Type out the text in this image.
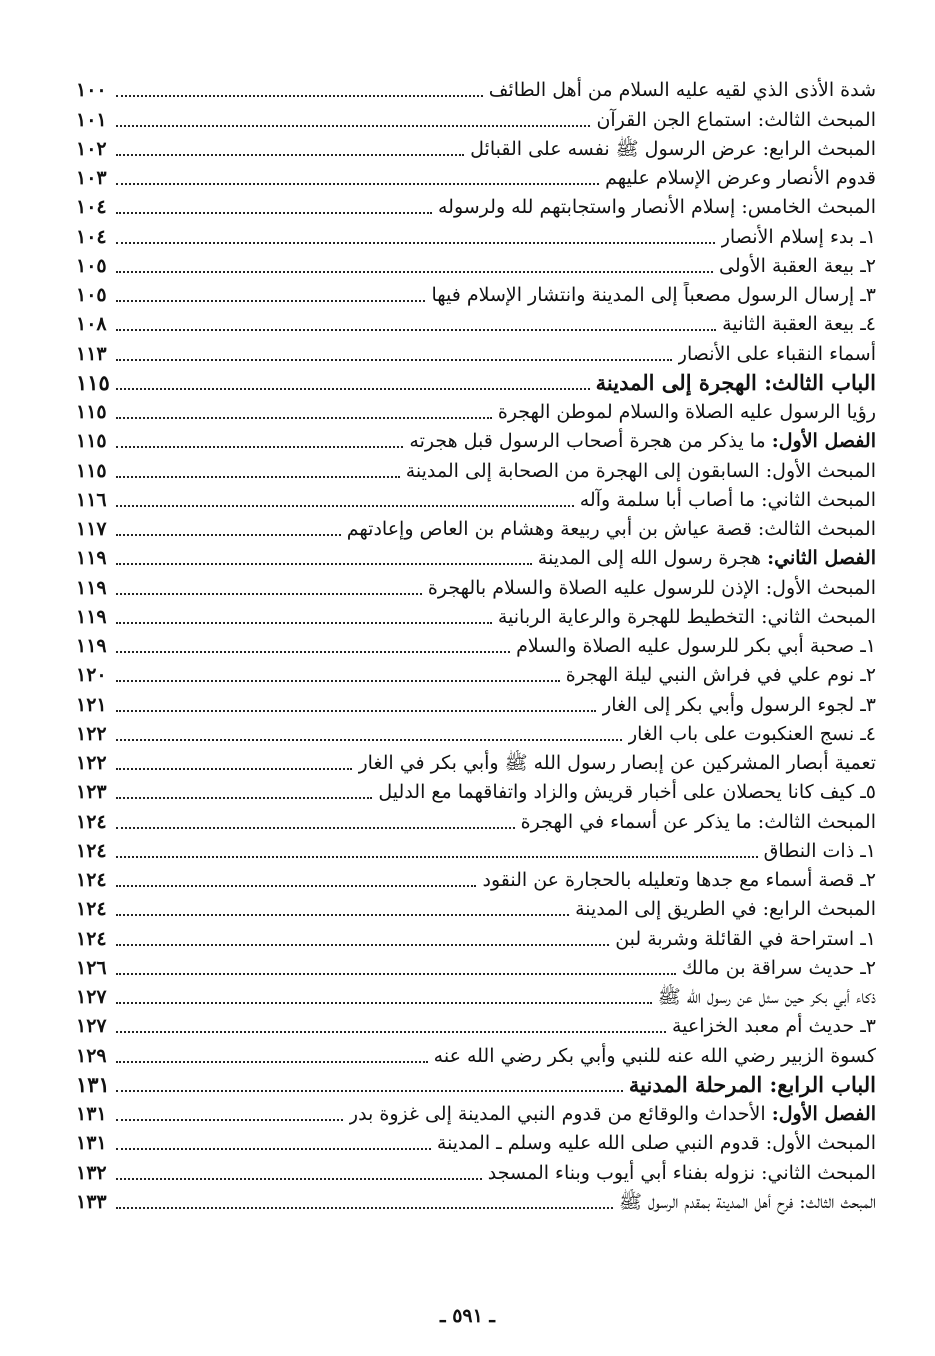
شدة الأذى الذي لقيه عليه السلام من أهل الطائف
١٠٠
المبحث الثالث: استماع الجن القرآن
١٠١
المبحث الرابع: عرض الرسول ﷺ نفسه على القبائل
١٠٢
قدوم الأنصار وعرض الإسلام عليهم
١٠٣
المبحث الخامس: إسلام الأنصار واستجابتهم لله ولرسوله
١٠٤
١ـ بدء إسلام الأنصار
١٠٤
٢ـ بيعة العقبة الأولى
١٠٥
٣ـ إرسال الرسول مصعباً إلى المدينة وانتشار الإسلام فيها
١٠٥
٤ـ بيعة العقبة الثانية
١٠٨
أسماء النقباء على الأنصار
١١٣
الباب الثالث: الهجرة إلى المدينة
١١٥
رؤيا الرسول عليه الصلاة والسلام لموطن الهجرة
١١٥
الفصل الأول: ما يذكر من هجرة أصحاب الرسول قبل هجرته
١١٥
المبحث الأول: السابقون إلى الهجرة من الصحابة إلى المدينة
١١٥
المبحث الثاني: ما أصاب أبا سلمة وآله
١١٦
المبحث الثالث: قصة عياش بن أبي ربيعة وهشام بن العاص وإعادتهم
١١٧
الفصل الثاني: هجرة رسول الله إلى المدينة
١١٩
المبحث الأول: الإذن للرسول عليه الصلاة والسلام بالهجرة
١١٩
المبحث الثاني: التخطيط للهجرة والرعاية الربانية
١١٩
١ـ صحبة أبي بكر للرسول عليه الصلاة والسلام
١١٩
٢ـ نوم علي في فراش النبي ليلة الهجرة
١٢٠
٣ـ لجوء الرسول وأبي بكر إلى الغار
١٢١
٤ـ نسج العنكبوت على باب الغار
١٢٢
تعمية أبصار المشركين عن إبصار رسول الله ﷺ وأبي بكر في الغار
١٢٢
٥ـ كيف كانا يحصلان على أخبار قريش والزاد واتفاقهما مع الدليل
١٢٣
المبحث الثالث: ما يذكر عن أسماء في الهجرة
١٢٤
١ـ ذات النطاق
١٢٤
٢ـ قصة أسماء مع جدها وتعليله بالحجارة عن النقود
١٢٤
المبحث الرابع: في الطريق إلى المدينة
١٢٤
١ـ استراحة في القائلة وشربة لبن
١٢٤
٢ـ حديث سراقة بن مالك
١٢٦
ذكاء أبي بكر حين سئل عن رسول الله ﷺ
١٢٧
٣ـ حديث أم معبد الخزاعية
١٢٧
كسوة الزبير رضي الله عنه للنبي وأبي بكر رضي الله عنه
١٢٩
الباب الرابع: المرحلة المدنية
١٣١
الفصل الأول: الأحداث والوقائع من قدوم النبي المدينة إلى غزوة بدر
١٣١
المبحث الأول: قدوم النبي صلى الله عليه وسلم ـ المدينة
١٣١
المبحث الثاني: نزوله بفناء أبي أيوب وبناء المسجد
١٣٢
المبحث الثالث: فرح أهل المدينة بمقدم الرسول ﷺ
١٣٣
ـ ٥٩١ ـ
